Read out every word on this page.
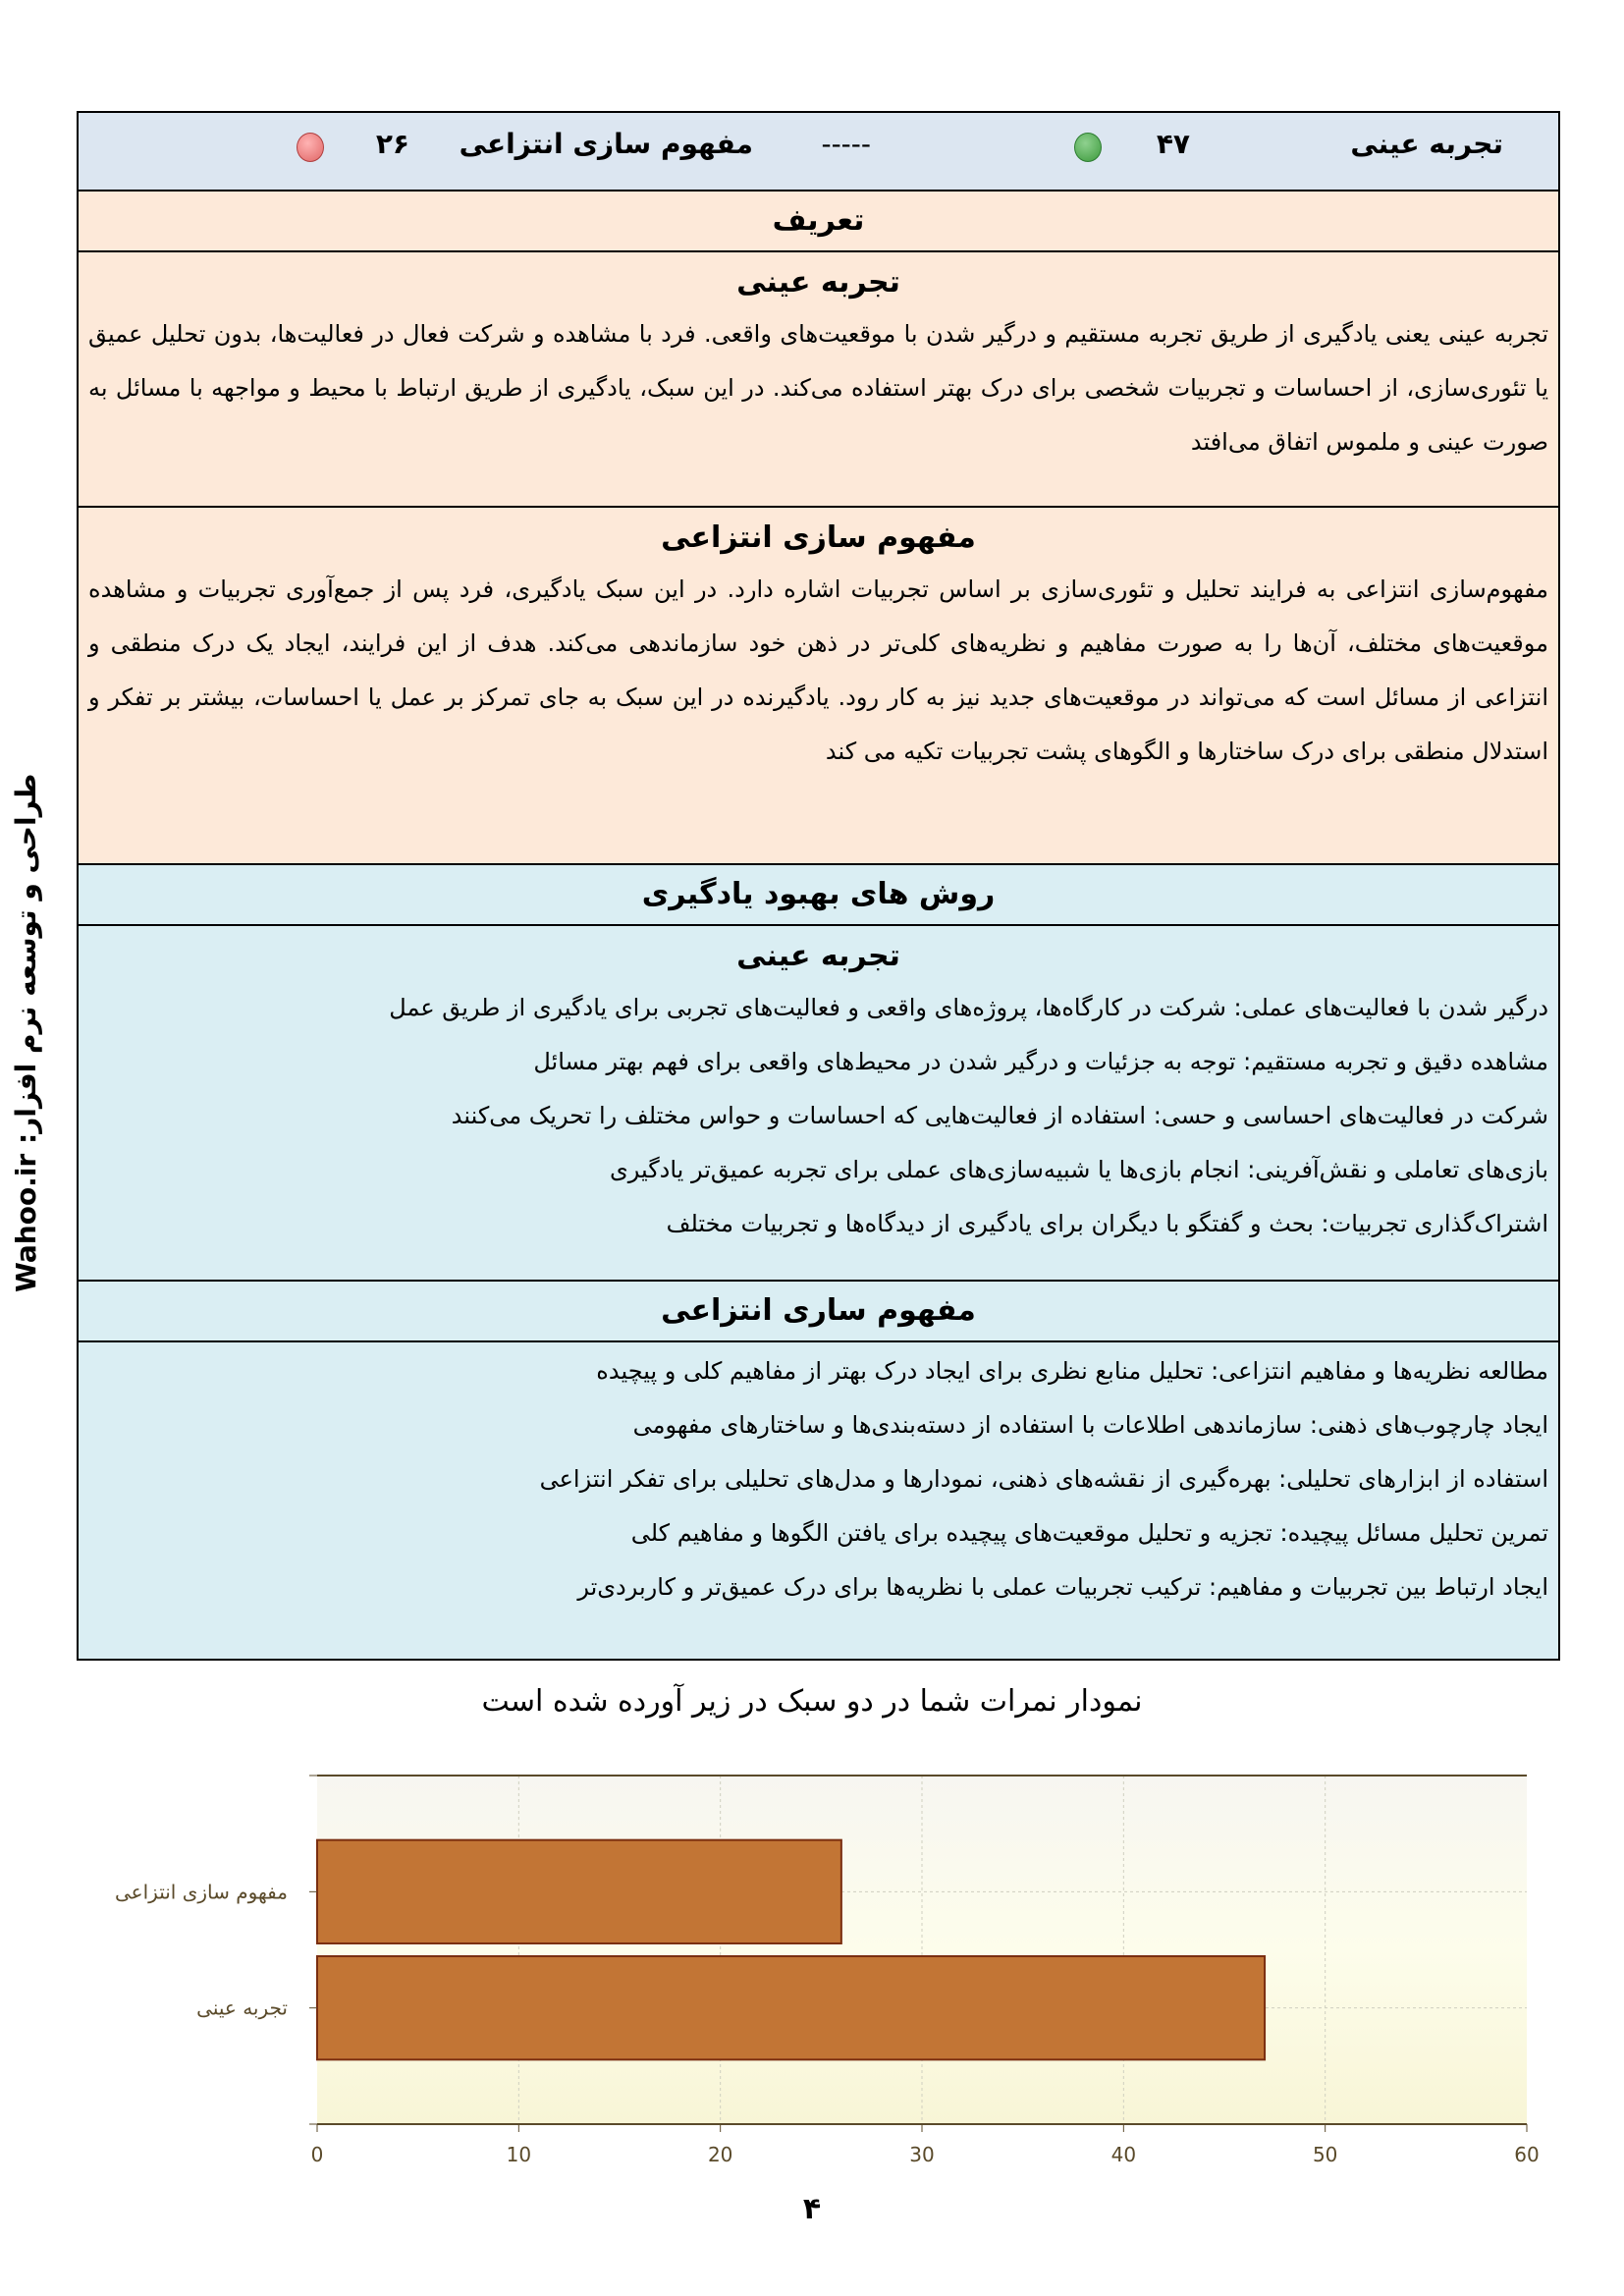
تجربه عینی
۴۷
-----
مفهوم سازی انتزاعی
۲۶
تعریف
تجربه عینی

تجربه عینی یعنی یادگیری از طریق تجربه مستقیم و درگیر شدن با موقعیت‌های واقعی. فرد با مشاهده و شرکت فعال در فعالیت‌ها، بدون تحلیل عمیق یا تئوری‌سازی، از احساسات و تجربیات شخصی برای درک بهتر استفاده می‌کند. در این سبک، یادگیری از طریق ارتباط با محیط و مواجهه با مسائل به صورت عینی و ملموس اتفاق می‌افتد

مفهوم سازی انتزاعی

مفهوم‌سازی انتزاعی به فرایند تحلیل و تئوری‌سازی بر اساس تجربیات اشاره دارد. در این سبک یادگیری، فرد پس از جمع‌آوری تجربیات و مشاهده موقعیت‌های مختلف، آن‌ها را به صورت مفاهیم و نظریه‌های کلی‌تر در ذهن خود سازماندهی می‌کند. هدف از این فرایند، ایجاد یک درک منطقی و انتزاعی از مسائل است که می‌تواند در موقعیت‌های جدید نیز به کار رود. یادگیرنده در این سبک به جای تمرکز بر عمل یا احساسات، بیشتر بر تفکر و استدلال منطقی برای درک ساختارها و الگوهای پشت تجربیات تکیه می کند

روش های بهبود یادگیری
تجربه عینی
درگیر شدن با فعالیت‌های عملی: شرکت در کارگاه‌ها، پروژه‌های واقعی و فعالیت‌های تجربی برای یادگیری از طریق عمل
مشاهده دقیق و تجربه مستقیم: توجه به جزئیات و درگیر شدن در محیط‌های واقعی برای فهم بهتر مسائل
شرکت در فعالیت‌های احساسی و حسی: استفاده از فعالیت‌هایی که احساسات و حواس مختلف را تحریک می‌کنند
بازی‌های تعاملی و نقش‌آفرینی: انجام بازی‌ها یا شبیه‌سازی‌های عملی برای تجربه عمیق‌تر یادگیری
اشتراک‌گذاری تجربیات: بحث و گفتگو با دیگران برای یادگیری از دیدگاه‌ها و تجربیات مختلف
مفهوم ساری انتزاعی
مطالعه نظریه‌ها و مفاهیم انتزاعی: تحلیل منابع نظری برای ایجاد درک بهتر از مفاهیم کلی و پیچیده
ایجاد چارچوب‌های ذهنی: سازماندهی اطلاعات با استفاده از دسته‌بندی‌ها و ساختارهای مفهومی
استفاده از ابزارهای تحلیلی: بهره‌گیری از نقشه‌های ذهنی، نمودارها و مدل‌های تحلیلی برای تفکر انتزاعی
تمرین تحلیل مسائل پیچیده: تجزیه و تحلیل موقعیت‌های پیچیده برای یافتن الگوها و مفاهیم کلی
ایجاد ارتباط بین تجربیات و مفاهیم: ترکیب تجربیات عملی با نظریه‌ها برای درک عمیق‌تر و کاربردی‌تر
طراحی و توسعه نرم افزار: Wahoo.ir
نمودار نمرات شما در دو سبک در زیر آورده شده است
0	10	20	30	40	50	60
مفهوم سازی انتزاعی
تجربه عینی
۴
